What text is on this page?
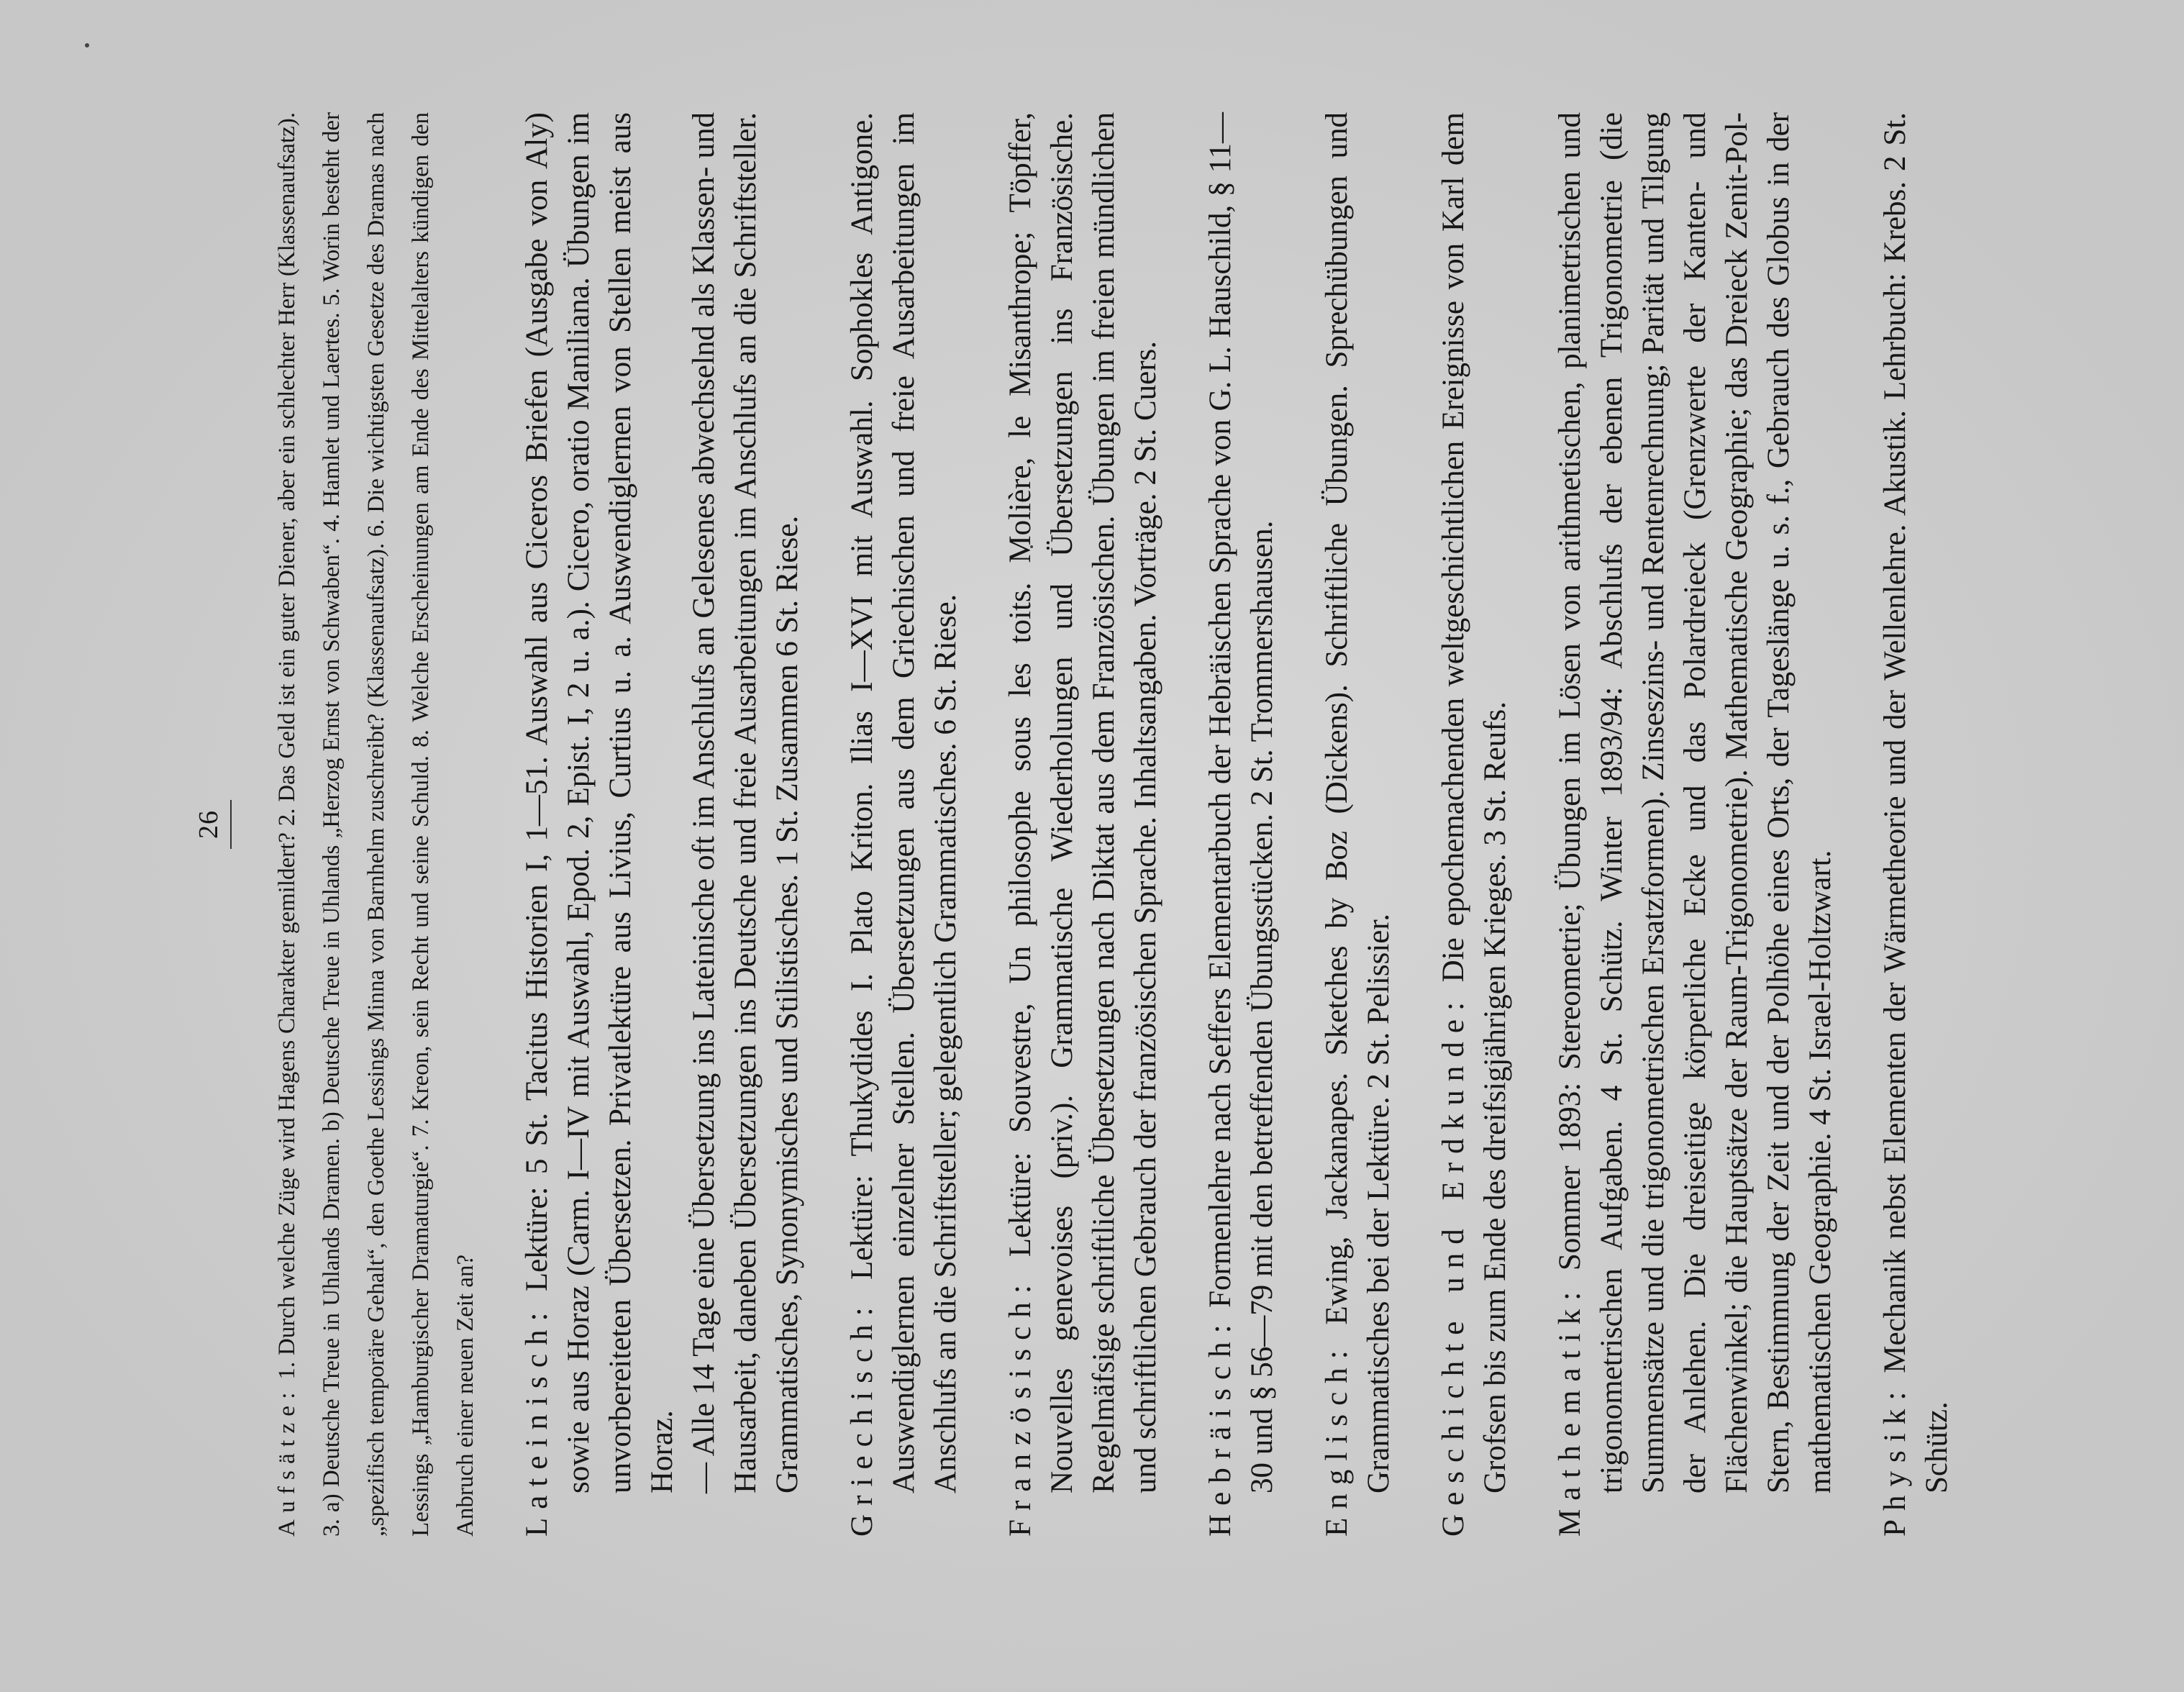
26

Aufsätze: 1. Durch welche Züge wird Hagens Charakter gemildert? 2. Das Geld ist ein guter Diener, aber ein schlechter Herr (Klassenaufsatz). 3. a) Deutsche Treue in Uhlands Dramen. b) Deutsche Treue in Uhlands „Herzog Ernst von Schwaben“. 4. Hamlet und Laertes. 5. Worin besteht der „spezifisch temporäre Gehalt“, den Goethe Lessings Minna von Barnhelm zuschreibt? (Klassenaufsatz). 6. Die wichtigsten Gesetze des Dramas nach Lessings „Hamburgischer Dramaturgie“. 7. Kreon, sein Recht und seine Schuld. 8. Welche Erscheinungen am Ende des Mittelalters kündigen den Anbruch einer neuen Zeit an?	Lateinisch: Lektüre: 5 St. Tacitus Historien I, 1—51. Auswahl aus Ciceros Briefen (Ausgabe von Aly) sowie aus Horaz (Carm. I—IV mit Auswahl, Epod. 2, Epist. I, 2 u. a.). Cicero, oratio Maniliana. Übungen im unvorbereiteten Übersetzen. Privatlektüre aus Livius, Curtius u. a. Auswendiglernen von Stellen meist aus Horaz. — Alle 14 Tage eine Übersetzung ins Lateinische oft im Anschlufs an Gelesenes abwechselnd als Klassen- und Hausarbeit, daneben Übersetzungen ins Deutsche und freie Ausarbeitungen im Anschlufs an die Schriftsteller. Grammatisches, Synonymisches und Stilistisches. 1 St. Zusammen 6 St. Riese. Griechisch: Lektüre: Thukydides I. Plato Kriton. Ilias I—XVI mit Auswahl. Sophokles Antigone. Auswendiglernen einzelner Stellen. Übersetzungen aus dem Griechischen und freie Ausarbeitungen im Anschlufs an die Schriftsteller; gelegentlich Grammatisches. 6 St. Riese. Französisch: Lektüre: Souvestre, Un philosophe sous les toits. Molière, le Misanthrope; Töpffer, Nouvelles genevoises (priv.). Grammatische Wiederholungen und Übersetzungen ins Französische. Regelmäfsige schriftliche Übersetzungen nach Diktat aus dem Französischen. Übungen im freien mündlichen und schriftlichen Gebrauch der französischen Sprache. Inhaltsangaben. Vorträge. 2 St. Cuers. Hebräisch: Formenlehre nach Seffers Elementarbuch der Hebräischen Sprache von G. L. Hauschild, § 11—30 und § 56—79 mit den betreffenden Übungsstücken. 2 St. Trommershausen. Englisch: Ewing, Jackanapes. Sketches by Boz (Dickens). Schriftliche Übungen. Sprechübungen und Grammatisches bei der Lektüre. 2 St. Pelissier. Geschichte und Erdkunde: Die epochemachenden weltgeschichtlichen Ereignisse von Karl dem Grofsen bis zum Ende des dreifsigjährigen Krieges. 3 St. Reufs. Mathematik: Sommer 1893: Stereometrie; Übungen im Lösen von arithmetischen, planimetrischen und trigonometrischen Aufgaben. 4 St. Schütz. Winter 1893/94: Abschlufs der ebenen Trigonometrie (die Summensätze und die trigonometrischen Ersatzformen). Zinseszins- und Rentenrechnung; Parität und Tilgung der Anlehen. Die dreiseitige körperliche Ecke und das Polardreieck (Grenzwerte der Kanten- und Flächenwinkel; die Hauptsätze der Raum-Trigonometrie). Mathematische Geographie; das Dreieck Zenit-Pol-Stern, Bestimmung der Zeit und der Polhöhe eines Orts, der Tageslänge u. s. f., Gebrauch des Globus in der mathematischen Geographie. 4 St. Israel-Holtzwart. Physik: Mechanik nebst Elementen der Wärmetheorie und der Wellenlehre. Akustik. Lehrbuch: Krebs. 2 St. Schütz.
